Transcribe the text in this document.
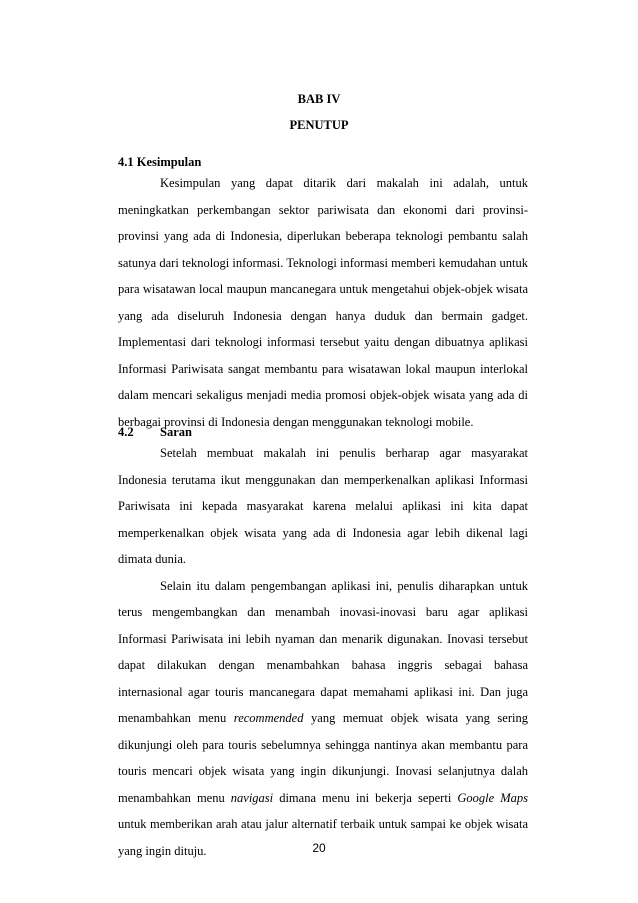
BAB IV
PENUTUP
4.1 Kesimpulan

Kesimpulan yang dapat ditarik dari makalah ini adalah, untuk meningkatkan perkembangan sektor pariwisata dan ekonomi dari provinsi-provinsi yang ada di Indonesia, diperlukan beberapa teknologi pembantu salah satunya dari teknologi informasi. Teknologi informasi memberi kemudahan untuk para wisatawan local maupun mancanegara untuk mengetahui objek-objek wisata yang ada diseluruh Indonesia dengan hanya duduk dan bermain gadget. Implementasi dari teknologi informasi tersebut yaitu dengan dibuatnya aplikasi Informasi Pariwisata sangat membantu para wisatawan lokal maupun interlokal dalam mencari sekaligus menjadi media promosi objek-objek wisata yang ada di berbagai provinsi di Indonesia dengan menggunakan teknologi mobile.

4.2 Saran

Setelah membuat makalah ini penulis berharap agar masyarakat Indonesia terutama ikut menggunakan dan memperkenalkan aplikasi Informasi Pariwisata ini kepada masyarakat karena melalui aplikasi ini kita dapat memperkenalkan objek wisata yang ada di Indonesia agar lebih dikenal lagi dimata dunia.

Selain itu dalam pengembangan aplikasi ini, penulis diharapkan untuk terus mengembangkan dan menambah inovasi-inovasi baru agar aplikasi Informasi Pariwisata ini lebih nyaman dan menarik digunakan. Inovasi tersebut dapat dilakukan dengan menambahkan bahasa inggris sebagai bahasa internasional agar touris mancanegara dapat memahami aplikasi ini. Dan juga menambahkan menu recommended yang memuat objek wisata yang sering dikunjungi oleh para touris sebelumnya sehingga nantinya akan membantu para touris mencari objek wisata yang ingin dikunjungi. Inovasi selanjutnya dalah menambahkan menu navigasi dimana menu ini bekerja seperti Google Maps untuk memberikan arah atau jalur alternatif terbaik untuk sampai ke objek wisata yang ingin dituju.	20
